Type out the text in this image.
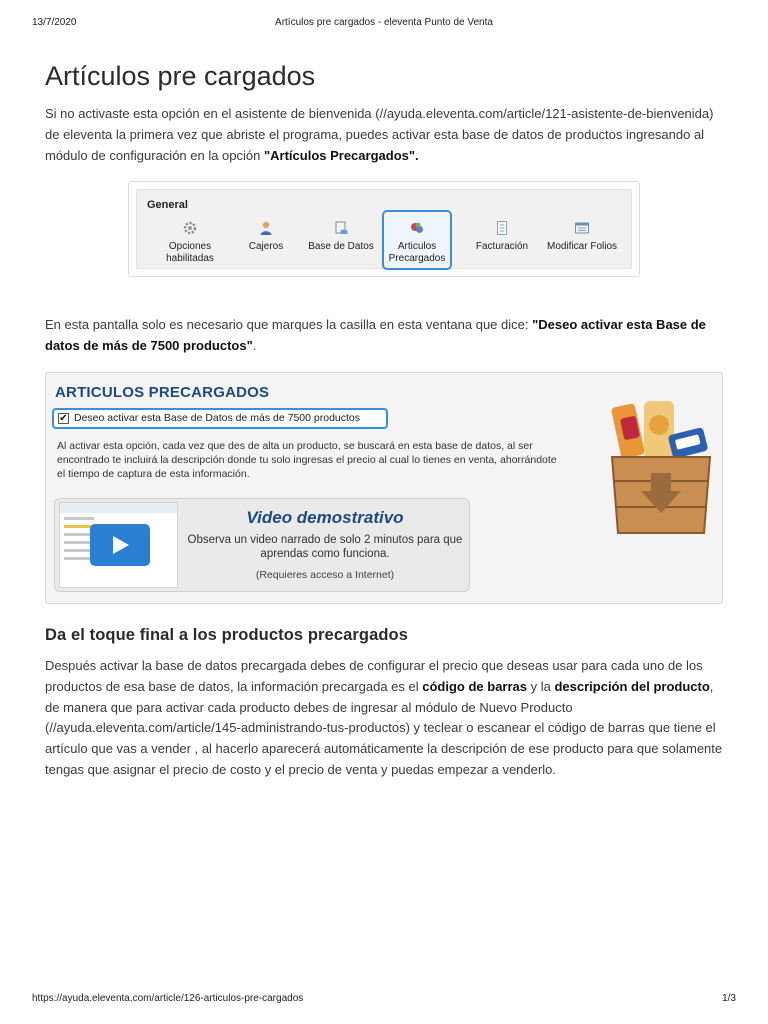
13/7/2020	Artículos pre cargados - eleventa Punto de Venta
Artículos pre cargados

Si no activaste esta opción en el asistente de bienvenida (//ayuda.eleventa.com/article/121-asistente-de-bienvenida) de eleventa la primera vez que abriste el programa, puedes activar esta base de datos de productos ingresando al módulo de configuración en la opción "Artículos Precargados".

General
Opciones habilitadas
Cajeros	Base de Datos	Articulos Precargados
Facturación	Modificar Folios

En esta pantalla solo es necesario que marques la casilla en esta ventana que dice: "Deseo activar esta Base de datos de más de 7500 productos".

ARTICULOS PRECARGADOS
✔ Deseo activar esta Base de Datos de más de 7500 productos
Al activar esta opción, cada vez que des de alta un producto, se buscará en esta base de datos, al ser encontrado te incluirá la descripción donde tu solo ingresas el precio al cual lo tienes en venta, ahorrándote el tiempo de captura de esta información.
Video demostrativo
Observa un video narrado de solo 2 minutos para que aprendas como funciona.
(Requieres acceso a Internet)
Da el toque final a los productos precargados

Después activar la base de datos precargada debes de configurar el precio que deseas usar para cada uno de los productos de esa base de datos, la información precargada es el código de barras y la descripción del producto, de manera que para activar cada producto debes de ingresar al módulo de Nuevo Producto (//ayuda.eleventa.com/article/145-administrando-tus-productos) y teclear o escanear el código de barras que tiene el artículo que vas a vender , al hacerlo aparecerá automáticamente la descripción de ese producto para que solamente tengas que asignar el precio de costo y el precio de venta y puedas empezar a venderlo.

https://ayuda.eleventa.com/article/126-articulos-pre-cargados	1/3
